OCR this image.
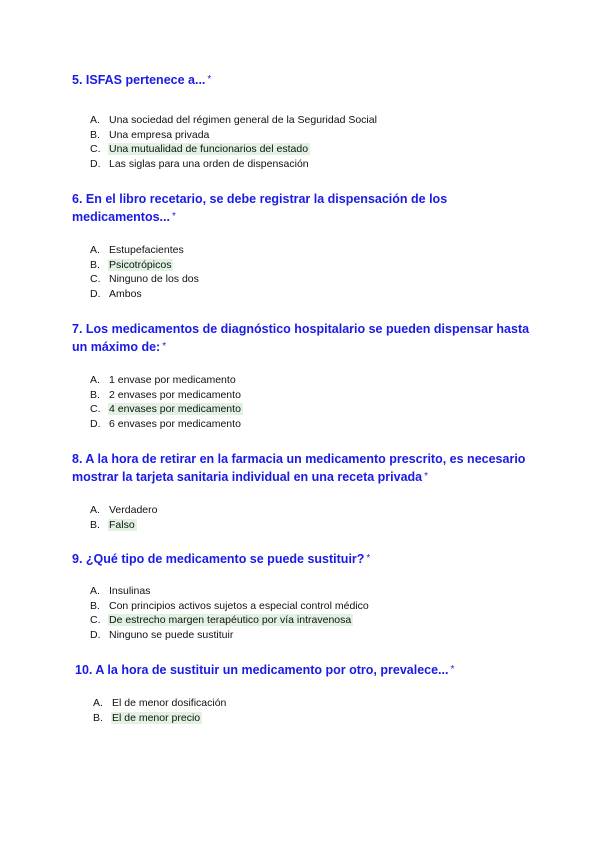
5. ISFAS pertenece a... *

A. Una sociedad del régimen general de la Seguridad Social
B. Una empresa privada
C. Una mutualidad de funcionarios del estado
D. Las siglas para una orden de dispensación

6. En el libro recetario, se debe registrar la dispensación de los medicamentos... *

A. Estupefacientes
B. Psicotrópicos
C. Ninguno de los dos
D. Ambos

7. Los medicamentos de diagnóstico hospitalario se pueden dispensar hasta un máximo de: *

A. 1 envase por medicamento
B. 2 envases por medicamento
C. 4 envases por medicamento
D. 6 envases por medicamento

8. A la hora de retirar en la farmacia un medicamento prescrito, es necesario mostrar la tarjeta sanitaria individual en una receta privada *

A. Verdadero
B. Falso

9. ¿Qué tipo de medicamento se puede sustituir? *

A. Insulinas
B. Con principios activos sujetos a especial control médico
C. De estrecho margen terapéutico por vía intravenosa
D. Ninguno se puede sustituir

10. A la hora de sustituir un medicamento por otro, prevalece... *

A. El de menor dosificación
B. El de menor precio
